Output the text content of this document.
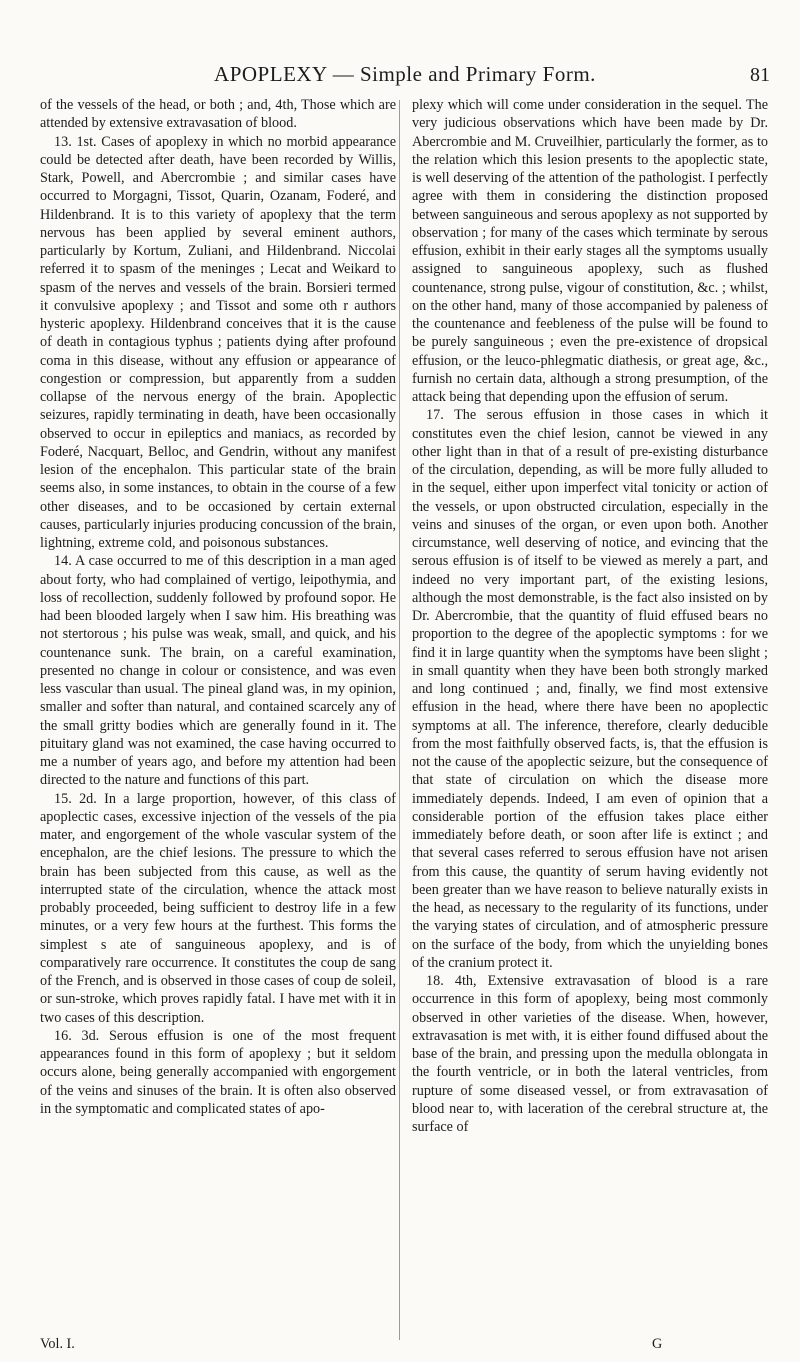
APOPLEXY — Simple and Primary Form.	81

of the vessels of the head, or both ; and, 4th, Those which are attended by extensive extravasation of blood.

13. 1st. Cases of apoplexy in which no morbid appearance could be detected after death, have been recorded by Willis, Stark, Powell, and Abercrombie ; and similar cases have occurred to Morgagni, Tissot, Quarin, Ozanam, Foderé, and Hildenbrand. It is to this variety of apoplexy that the term nervous has been applied by several eminent authors, particularly by Kortum, Zuliani, and Hildenbrand. Niccolai referred it to spasm of the meninges ; Lecat and Weikard to spasm of the nerves and vessels of the brain. Borsieri termed it convulsive apoplexy ; and Tissot and some oth r authors hysteric apoplexy. Hildenbrand conceives that it is the cause of death in contagious typhus ; patients dying after profound coma in this disease, without any effusion or appearance of congestion or compression, but apparently from a sudden collapse of the nervous energy of the brain. Apoplectic seizures, rapidly terminating in death, have been occasionally observed to occur in epileptics and maniacs, as recorded by Foderé, Nacquart, Belloc, and Gendrin, without any manifest lesion of the encephalon. This particular state of the brain seems also, in some instances, to obtain in the course of a few other diseases, and to be occasioned by certain external causes, particularly injuries producing concussion of the brain, lightning, extreme cold, and poisonous substances.

14. A case occurred to me of this description in a man aged about forty, who had complained of vertigo, leipothymia, and loss of recollection, suddenly followed by profound sopor. He had been blooded largely when I saw him. His breathing was not stertorous ; his pulse was weak, small, and quick, and his countenance sunk. The brain, on a careful examination, presented no change in colour or consistence, and was even less vascular than usual. The pineal gland was, in my opinion, smaller and softer than natural, and contained scarcely any of the small gritty bodies which are generally found in it. The pituitary gland was not examined, the case having occurred to me a number of years ago, and before my attention had been directed to the nature and functions of this part.

15. 2d. In a large proportion, however, of this class of apoplectic cases, excessive injection of the vessels of the pia mater, and engorgement of the whole vascular system of the encephalon, are the chief lesions. The pressure to which the brain has been subjected from this cause, as well as the interrupted state of the circulation, whence the attack most probably proceeded, being sufficient to destroy life in a few minutes, or a very few hours at the furthest. This forms the simplest s ate of sanguineous apoplexy, and is of comparatively rare occurrence. It constitutes the coup de sang of the French, and is observed in those cases of coup de soleil, or sun-stroke, which proves rapidly fatal. I have met with it in two cases of this description.

16. 3d. Serous effusion is one of the most frequent appearances found in this form of apoplexy ; but it seldom occurs alone, being generally accompanied with engorgement of the veins and sinuses of the brain. It is often also observed in the symptomatic and complicated states of apo-

plexy which will come under consideration in the sequel. The very judicious observations which have been made by Dr. Abercrombie and M. Cruveilhier, particularly the former, as to the relation which this lesion presents to the apoplectic state, is well deserving of the attention of the pathologist. I perfectly agree with them in considering the distinction proposed between sanguineous and serous apoplexy as not supported by observation ; for many of the cases which terminate by serous effusion, exhibit in their early stages all the symptoms usually assigned to sanguineous apoplexy, such as flushed countenance, strong pulse, vigour of constitution, &c. ; whilst, on the other hand, many of those accompanied by paleness of the countenance and feebleness of the pulse will be found to be purely sanguineous ; even the pre-existence of dropsical effusion, or the leuco-phlegmatic diathesis, or great age, &c., furnish no certain data, although a strong presumption, of the attack being that depending upon the effusion of serum.

17. The serous effusion in those cases in which it constitutes even the chief lesion, cannot be viewed in any other light than in that of a result of pre-existing disturbance of the circulation, depending, as will be more fully alluded to in the sequel, either upon imperfect vital tonicity or action of the vessels, or upon obstructed circulation, especially in the veins and sinuses of the organ, or even upon both. Another circumstance, well deserving of notice, and evincing that the serous effusion is of itself to be viewed as merely a part, and indeed no very important part, of the existing lesions, although the most demonstrable, is the fact also insisted on by Dr. Abercrombie, that the quantity of fluid effused bears no proportion to the degree of the apoplectic symptoms : for we find it in large quantity when the symptoms have been slight ; in small quantity when they have been both strongly marked and long continued ; and, finally, we find most extensive effusion in the head, where there have been no apoplectic symptoms at all. The inference, therefore, clearly deducible from the most faithfully observed facts, is, that the effusion is not the cause of the apoplectic seizure, but the consequence of that state of circulation on which the disease more immediately depends. Indeed, I am even of opinion that a considerable portion of the effusion takes place either immediately before death, or soon after life is extinct ; and that several cases referred to serous effusion have not arisen from this cause, the quantity of serum having evidently not been greater than we have reason to believe naturally exists in the head, as necessary to the regularity of its functions, under the varying states of circulation, and of atmospheric pressure on the surface of the body, from which the unyielding bones of the cranium protect it.

18. 4th, Extensive extravasation of blood is a rare occurrence in this form of apoplexy, being most commonly observed in other varieties of the disease. When, however, extravasation is met with, it is either found diffused about the base of the brain, and pressing upon the medulla oblongata in the fourth ventricle, or in both the lateral ventricles, from rupture of some diseased vessel, or from extravasation of blood near to, with laceration of the cerebral structure at, the surface of

Vol. I.	G
